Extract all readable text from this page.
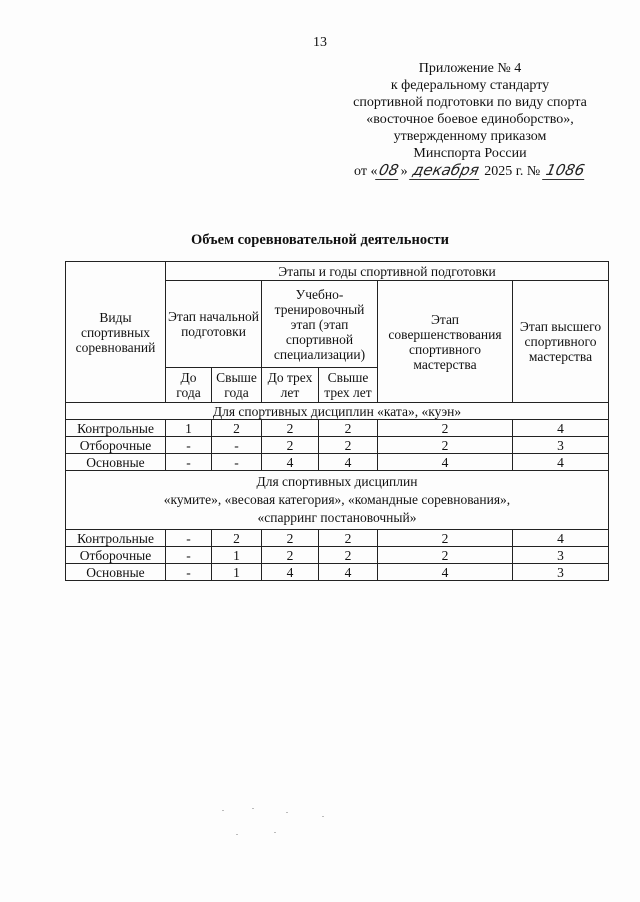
13
Приложение № 4
к федеральному стандарту
спортивной подготовки по виду спорта
«восточное боевое единоборство»,
утвержденному приказом
Минспорта России
от «08» декабря 2025 г. № 1086
Объем соревновательной деятельности
Виды спортивных соревнований	Этапы и годы спортивной подготовки					
	Этап начальной подготовки		Учебно-тренировочный этап (этап спортивной специализации)		Этап совершенствования спортивного мастерства	Этап высшего спортивного мастерства
	До года	Свыше года	До трех лет	Свыше трех лет		
Для спортивных дисциплин «ката», «куэн»						
Контрольные	1	2	2	2	2	4
Отборочные	-	-	2	2	2	3
Основные	-	-	4	4	4	4
Для спортивных дисциплин
«кумите», «весовая категория», «командные соревнования»,
«спарринг постановочный»						
Контрольные	-	2	2	2	2	4
Отборочные	-	1	2	2	2	3
Основные	-	1	4	4	4	3
